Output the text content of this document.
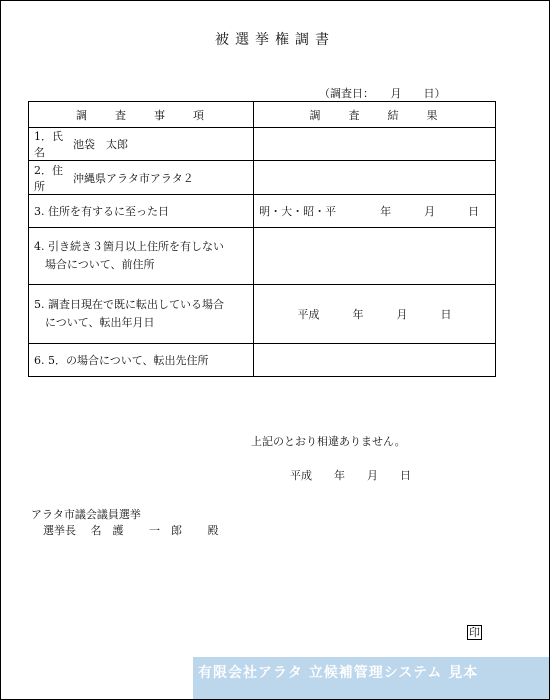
被選挙権調書
（調査日：　　月　　日）
調　　査　　事　　項		調　　査　　結　　果
1．氏名	池袋　太郎	
2．住所	沖縄県アラタ市アラタ２	
3. 住所を有するに至った日		明・大・昭・平　　　　年　　　月　　　日
4. 引き続き３箇月以上住所を有しない
　場合について、前住所		
5. 調査日現在で既に転出している場合
　について、転出年月日		平成　　　年　　　月　　　日
6. 5．の場合について、転出先住所		
上記のとおり相違ありません。
平成　　年　　月　　日
アラタ市議会議員選挙
選挙長　 名　護　　 一　郎　　 殿
印
有限会社アラタ 立候補管理システム 見本
